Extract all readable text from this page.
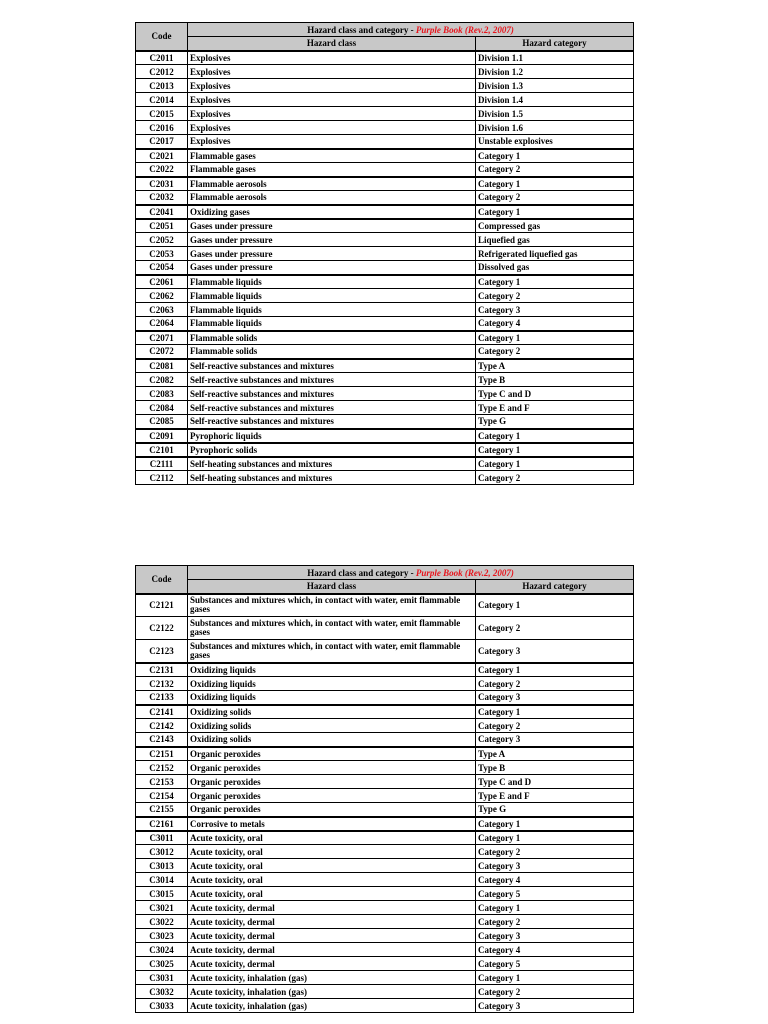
Code	Hazard class and category - Purple Book (Rev.2, 2007)	
	Hazard class	Hazard category
C2011	Explosives	Division 1.1
C2012	Explosives	Division 1.2
C2013	Explosives	Division 1.3
C2014	Explosives	Division 1.4
C2015	Explosives	Division 1.5
C2016	Explosives	Division 1.6
C2017	Explosives	Unstable explosives
C2021	Flammable gases	Category 1
C2022	Flammable gases	Category 2
C2031	Flammable aerosols	Category 1
C2032	Flammable aerosols	Category 2
C2041	Oxidizing gases	Category 1
C2051	Gases under pressure	Compressed gas
C2052	Gases under pressure	Liquefied gas
C2053	Gases under pressure	Refrigerated liquefied gas
C2054	Gases under pressure	Dissolved gas
C2061	Flammable liquids	Category 1
C2062	Flammable liquids	Category 2
C2063	Flammable liquids	Category 3
C2064	Flammable liquids	Category 4
C2071	Flammable solids	Category 1
C2072	Flammable solids	Category 2
C2081	Self-reactive substances and mixtures	Type A
C2082	Self-reactive substances and mixtures	Type B
C2083	Self-reactive substances and mixtures	Type C and D
C2084	Self-reactive substances and mixtures	Type E and F
C2085	Self-reactive substances and mixtures	Type G
C2091	Pyrophoric liquids	Category 1
C2101	Pyrophoric solids	Category 1
C2111	Self-heating substances and mixtures	Category 1
C2112	Self-heating substances and mixtures	Category 2
Code	Hazard class and category - Purple Book (Rev.2, 2007)	
	Hazard class	Hazard category
C2121	Substances and mixtures which, in contact with water, emit flammable gases	Category 1
C2122	Substances and mixtures which, in contact with water, emit flammable gases	Category 2
C2123	Substances and mixtures which, in contact with water, emit flammable gases	Category 3
C2131	Oxidizing liquids	Category 1
C2132	Oxidizing liquids	Category 2
C2133	Oxidizing liquids	Category 3
C2141	Oxidizing solids	Category 1
C2142	Oxidizing solids	Category 2
C2143	Oxidizing solids	Category 3
C2151	Organic peroxides	Type A
C2152	Organic peroxides	Type B
C2153	Organic peroxides	Type C and D
C2154	Organic peroxides	Type E and F
C2155	Organic peroxides	Type G
C2161	Corrosive to metals	Category 1
C3011	Acute toxicity, oral	Category 1
C3012	Acute toxicity, oral	Category 2
C3013	Acute toxicity, oral	Category 3
C3014	Acute toxicity, oral	Category 4
C3015	Acute toxicity, oral	Category 5
C3021	Acute toxicity, dermal	Category 1
C3022	Acute toxicity, dermal	Category 2
C3023	Acute toxicity, dermal	Category 3
C3024	Acute toxicity, dermal	Category 4
C3025	Acute toxicity, dermal	Category 5
C3031	Acute toxicity, inhalation (gas)	Category 1
C3032	Acute toxicity, inhalation (gas)	Category 2
C3033	Acute toxicity, inhalation (gas)	Category 3
